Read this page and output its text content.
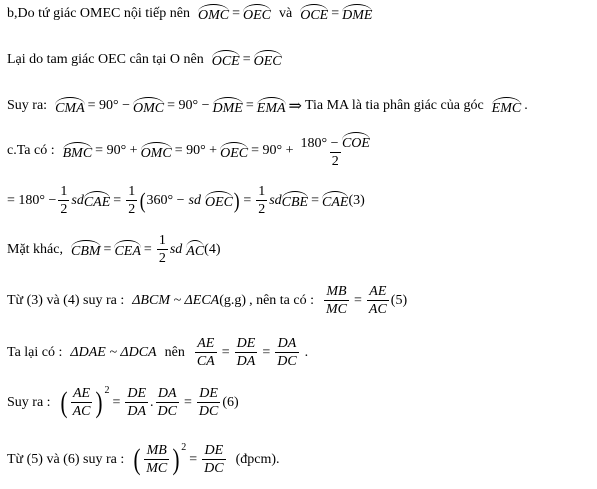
b,Do tứ giác OMEC nội tiếp nên OMC = OEC và OCE = DME
Lại do tam giác OEC cân tại O nên OCE = OEC
Suy ra: CMA = 90° − OMC = 90° − DME = EMA ⇒ Tia MA là tia phân giác của góc EMC .
c.Ta có : BMC = 90° + OMC = 90° + OEC = $90^\circ + \frac{\text{180° − COE}}{2}$
= $180^\circ - \frac{1}{2}$ sd CAE = $\frac{1}{2}$ ( 360° − sd OEC ) = $\frac{1}{2}$ sd CBE = CAE (3)
Mặt khác, CBM = CEA = $\frac{1}{2}$ sd AC (4)
Từ (3) và (4) suy ra : ΔBCM ~ ΔECA (g.g) , nên ta có : $\frac{MB}{MC} = \frac{AE}{AC} (5)$
Ta lại có : ΔDAE ~ ΔDCA nên $\frac{AE}{CA} = \frac{DE}{DA} = \frac{DA}{DC}$ .
Suy ra : ( $\frac{AE}{AC} )^2$
= $\frac{DE}{DA}$ . $\frac{DA}{DC} = \frac{DE}{DC} (6)$
Từ (5) và (6) suy ra : ( $\frac{MB}{MC} )^2$
= $\frac{DE}{DC}$ (đpcm).
